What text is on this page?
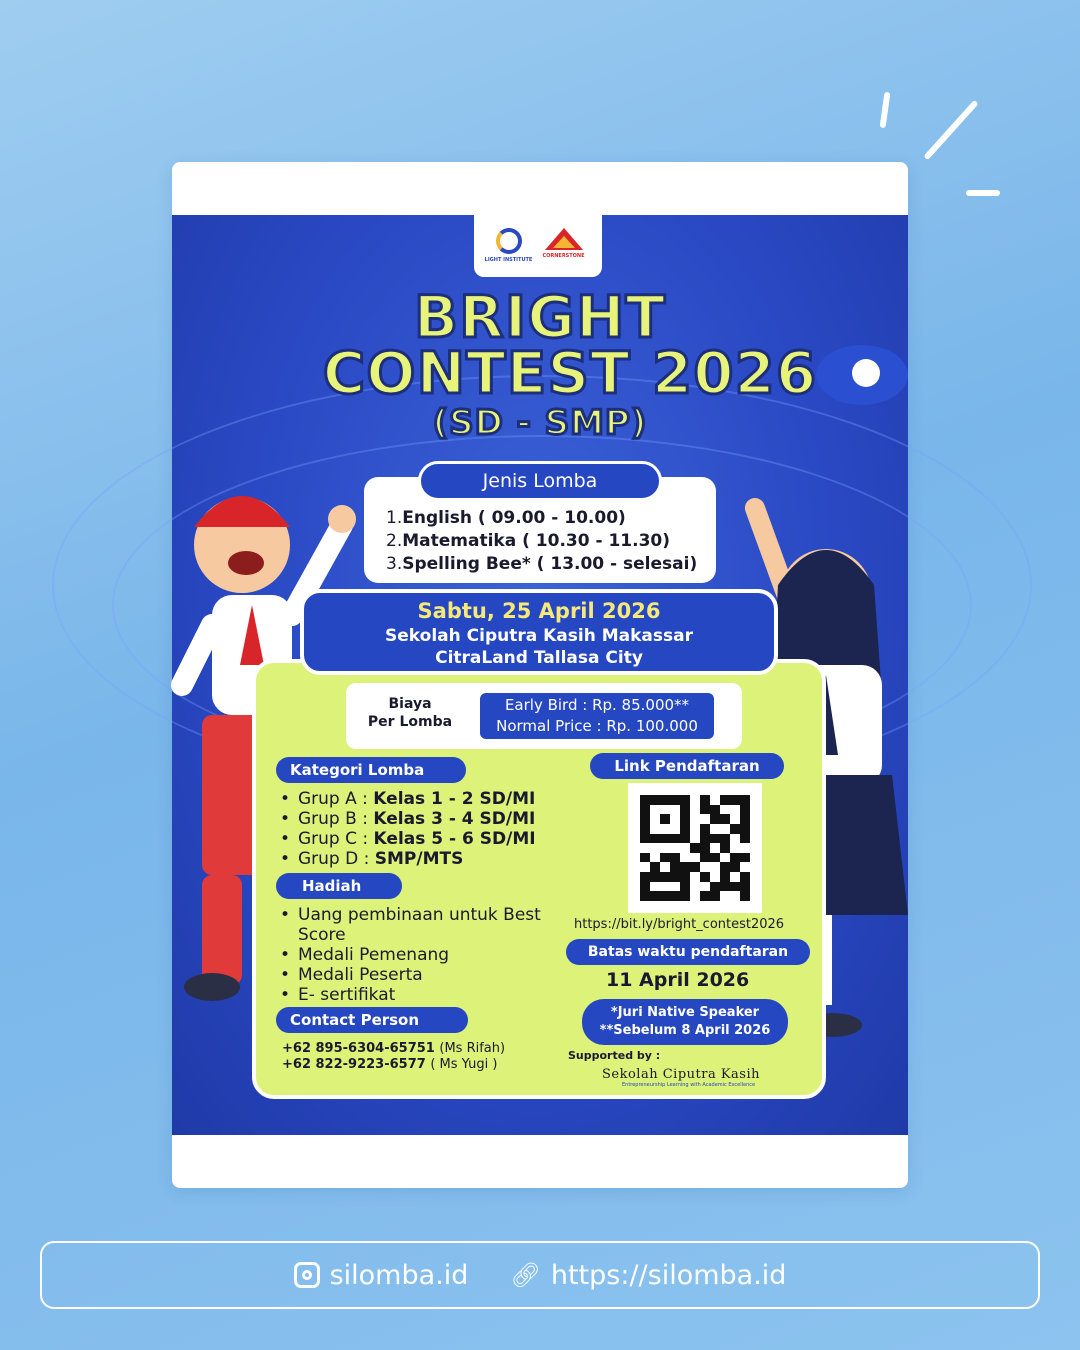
LIGHT INSTITUTE
CORNERSTONE
BRIGHT
CONTEST 2026
(SD - SMP)
Jenis Lomba
1.English ( 09.00 - 10.00)
2.Matematika ( 10.30 - 11.30)
3.Spelling Bee* ( 13.00 - selesai)
Sabtu, 25 April 2026
Sekolah Ciputra Kasih Makassar
CitraLand Tallasa City
Biaya
Per Lomba
Early Bird : Rp. 85.000**
Normal Price : Rp. 100.000
Kategori Lomba
• Grup A : Kelas 1 - 2 SD/MI
• Grup B : Kelas 3 - 4 SD/MI
• Grup C : Kelas 5 - 6 SD/MI
• Grup D : SMP/MTS
Hadiah
• Uang pembinaan untuk Best Score
• Medali Pemenang
• Medali Peserta
• E- sertifikat
Contact Person
+62 895-6304-65751 (Ms Rifah)
+62 822-9223-6577 ( Ms Yugi )
Link Pendaftaran
https://bit.ly/bright_contest2026
Batas waktu pendaftaran
11 April 2026
*Juri Native Speaker
**Sebelum 8 April 2026
Supported by :
Sekolah Ciputra Kasih
Entrepreneurship Learning with Academic Excellence
light_institute	sekolahciputrakasih_mks
silomba.id 🔗︎ https://silomba.id
